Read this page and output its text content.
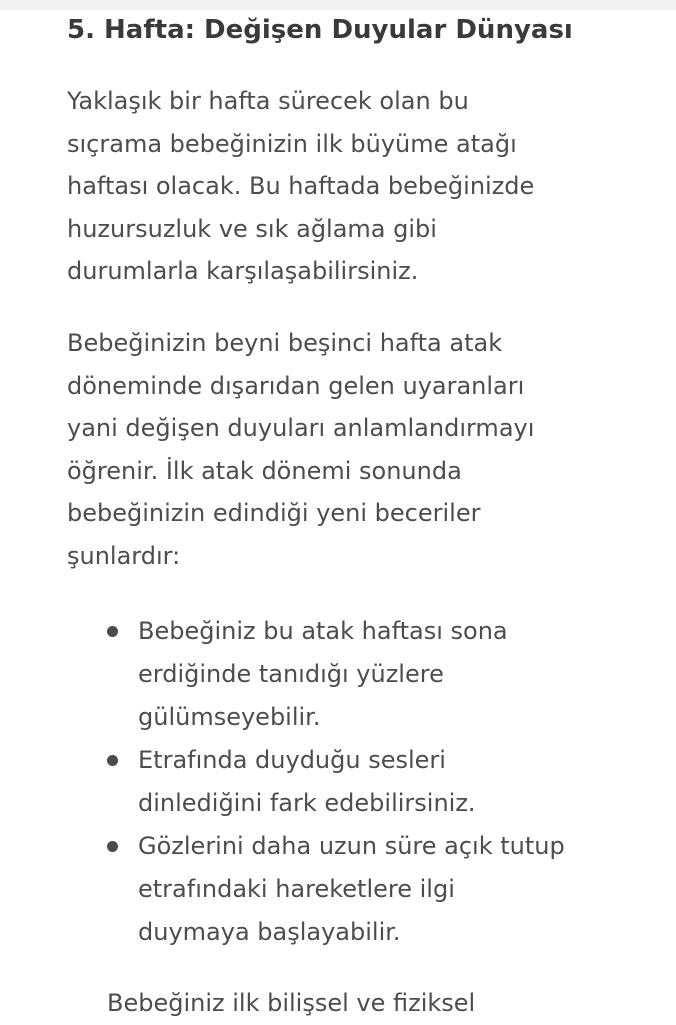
5. Hafta: Değişen Duyular Dünyası

Yaklaşık bir hafta sürecek olan bu
sıçrama bebeğinizin ilk büyüme atağı
haftası olacak. Bu haftada bebeğinizde
huzursuzluk ve sık ağlama gibi
durumlarla karşılaşabilirsiniz.

Bebeğinizin beyni beşinci hafta atak
döneminde dışarıdan gelen uyaranları
yani değişen duyuları anlamlandırmayı
öğrenir. İlk atak dönemi sonunda
bebeğinizin edindiği yeni beceriler
şunlardır:

Bebeğiniz bu atak haftası sona
erdiğinde tanıdığı yüzlere
gülümseyebilir.
Etrafında duyduğu sesleri
dinlediğini fark edebilirsiniz.
Gözlerini daha uzun süre açık tutup
etrafındaki hareketlere ilgi
duymaya başlayabilir.

Bebeğiniz ilk bilişsel ve fiziksel
